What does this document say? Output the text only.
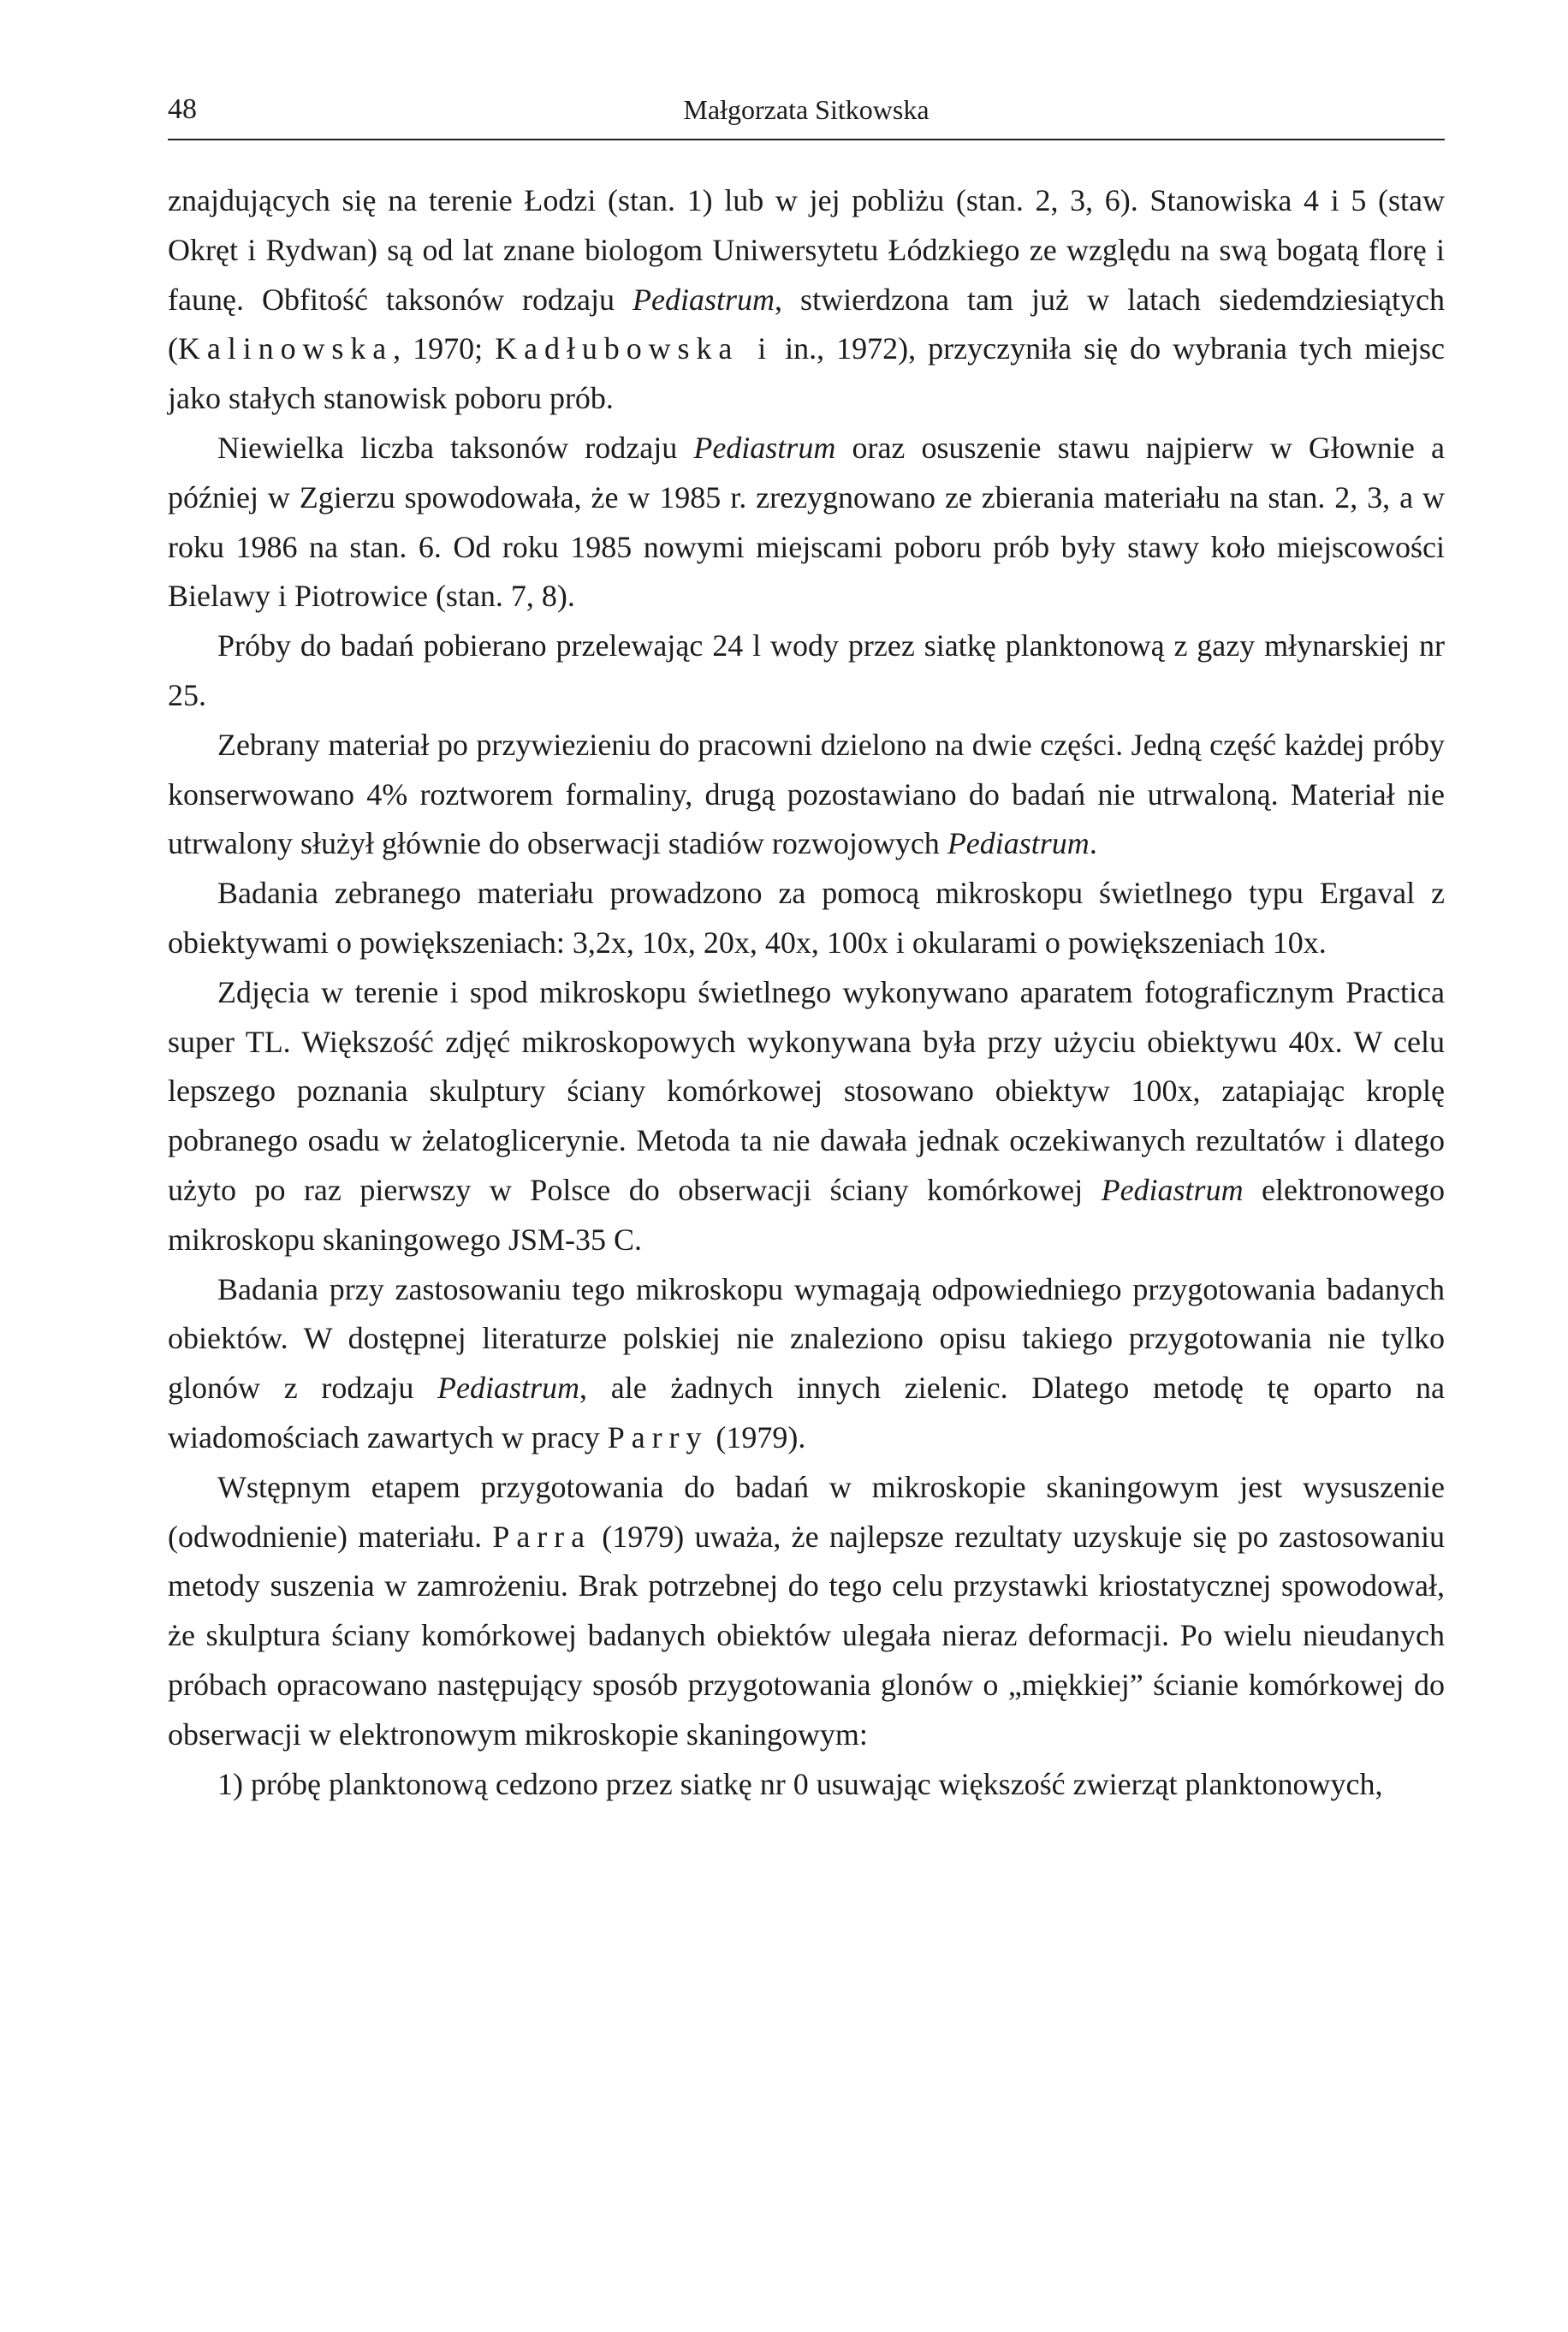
48	Małgorzata Sitkowska

znajdujących się na terenie Łodzi (stan. 1) lub w jej pobliżu (stan. 2, 3, 6). Stanowiska 4 i 5 (staw Okręt i Rydwan) są od lat znane biologom Uniwersytetu Łódzkiego ze względu na swą bogatą florę i faunę. Obfitość taksonów rodzaju Pediastrum, stwierdzona tam już w latach siedemdziesiątych (Kalinowska, 1970; Kadłubowska i in., 1972), przyczyniła się do wybrania tych miejsc jako stałych stanowisk poboru prób.

Niewielka liczba taksonów rodzaju Pediastrum oraz osuszenie stawu najpierw w Głownie a później w Zgierzu spowodowała, że w 1985 r. zrezygnowano ze zbierania materiału na stan. 2, 3, a w roku 1986 na stan. 6. Od roku 1985 nowymi miejscami poboru prób były stawy koło miejscowości Bielawy i Piotrowice (stan. 7, 8).

Próby do badań pobierano przelewając 24 l wody przez siatkę planktonową z gazy młynarskiej nr 25.

Zebrany materiał po przywiezieniu do pracowni dzielono na dwie części. Jedną część każdej próby konserwowano 4% roztworem formaliny, drugą pozostawiano do badań nie utrwaloną. Materiał nie utrwalony służył głównie do obserwacji stadiów rozwojowych Pediastrum.

Badania zebranego materiału prowadzono za pomocą mikroskopu świetlnego typu Ergaval z obiektywami o powiększeniach: 3,2x, 10x, 20x, 40x, 100x i okularami o powiększeniach 10x.

Zdjęcia w terenie i spod mikroskopu świetlnego wykonywano aparatem fotograficznym Practica super TL. Większość zdjęć mikroskopowych wykonywana była przy użyciu obiektywu 40x. W celu lepszego poznania skulptury ściany komórkowej stosowano obiektyw 100x, zatapiając kroplę pobranego osadu w żelatoglicerynie. Metoda ta nie dawała jednak oczekiwanych rezultatów i dlatego użyto po raz pierwszy w Polsce do obserwacji ściany komórkowej Pediastrum elektronowego mikroskopu skaningowego JSM-35 C.

Badania przy zastosowaniu tego mikroskopu wymagają odpowiedniego przygotowania badanych obiektów. W dostępnej literaturze polskiej nie znaleziono opisu takiego przygotowania nie tylko glonów z rodzaju Pediastrum, ale żadnych innych zielenic. Dlatego metodę tę oparto na wiadomościach zawartych w pracy Parry (1979).

Wstępnym etapem przygotowania do badań w mikroskopie skaningowym jest wysuszenie (odwodnienie) materiału. Parra (1979) uważa, że najlepsze rezultaty uzyskuje się po zastosowaniu metody suszenia w zamrożeniu. Brak potrzebnej do tego celu przystawki kriostatycznej spowodował, że skulptura ściany komórkowej badanych obiektów ulegała nieraz deformacji. Po wielu nieudanych próbach opracowano następujący sposób przygotowania glonów o „miękkiej” ścianie komórkowej do obserwacji w elektronowym mikroskopie skaningowym:

1) próbę planktonową cedzono przez siatkę nr 0 usuwając większość zwierząt planktonowych,
